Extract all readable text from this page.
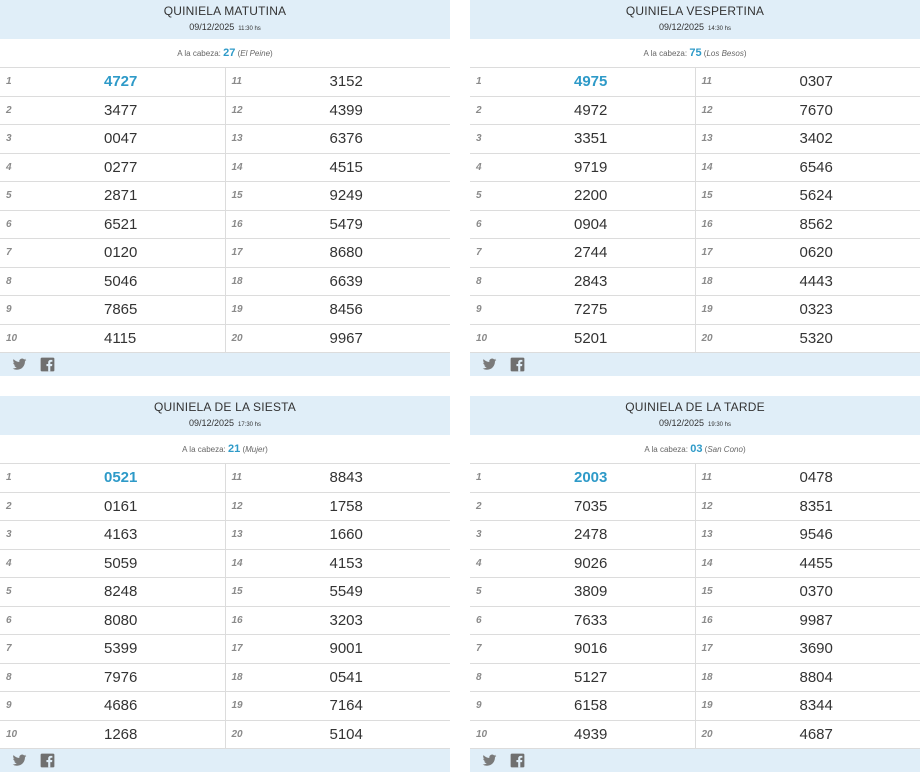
QUINIELA MATUTINA
09/12/2025 11:30 hs
A la cabeza: 27 (El Peine)
1	4727
2	3477
3	0047
4	0277
5	2871
6	6521
7	0120
8	5046
9	7865
10	4115
11	3152
12	4399
13	6376
14	4515
15	9249
16	5479
17	8680
18	6639
19	8456
20	9967
QUINIELA VESPERTINA
09/12/2025 14:30 hs
A la cabeza: 75 (Los Besos)
1	4975
2	4972
3	3351
4	9719
5	2200
6	0904
7	2744
8	2843
9	7275
10	5201
11	0307
12	7670
13	3402
14	6546
15	5624
16	8562
17	0620
18	4443
19	0323
20	5320
QUINIELA DE LA SIESTA
09/12/2025 17:30 hs
A la cabeza: 21 (Mujer)
1	0521
2	0161
3	4163
4	5059
5	8248
6	8080
7	5399
8	7976
9	4686
10	1268
11	8843
12	1758
13	1660
14	4153
15	5549
16	3203
17	9001
18	0541
19	7164
20	5104
QUINIELA DE LA TARDE
09/12/2025 19:30 hs
A la cabeza: 03 (San Cono)
1	2003
2	7035
3	2478
4	9026
5	3809
6	7633
7	9016
8	5127
9	6158
10	4939
11	0478
12	8351
13	9546
14	4455
15	0370
16	9987
17	3690
18	8804
19	8344
20	4687
